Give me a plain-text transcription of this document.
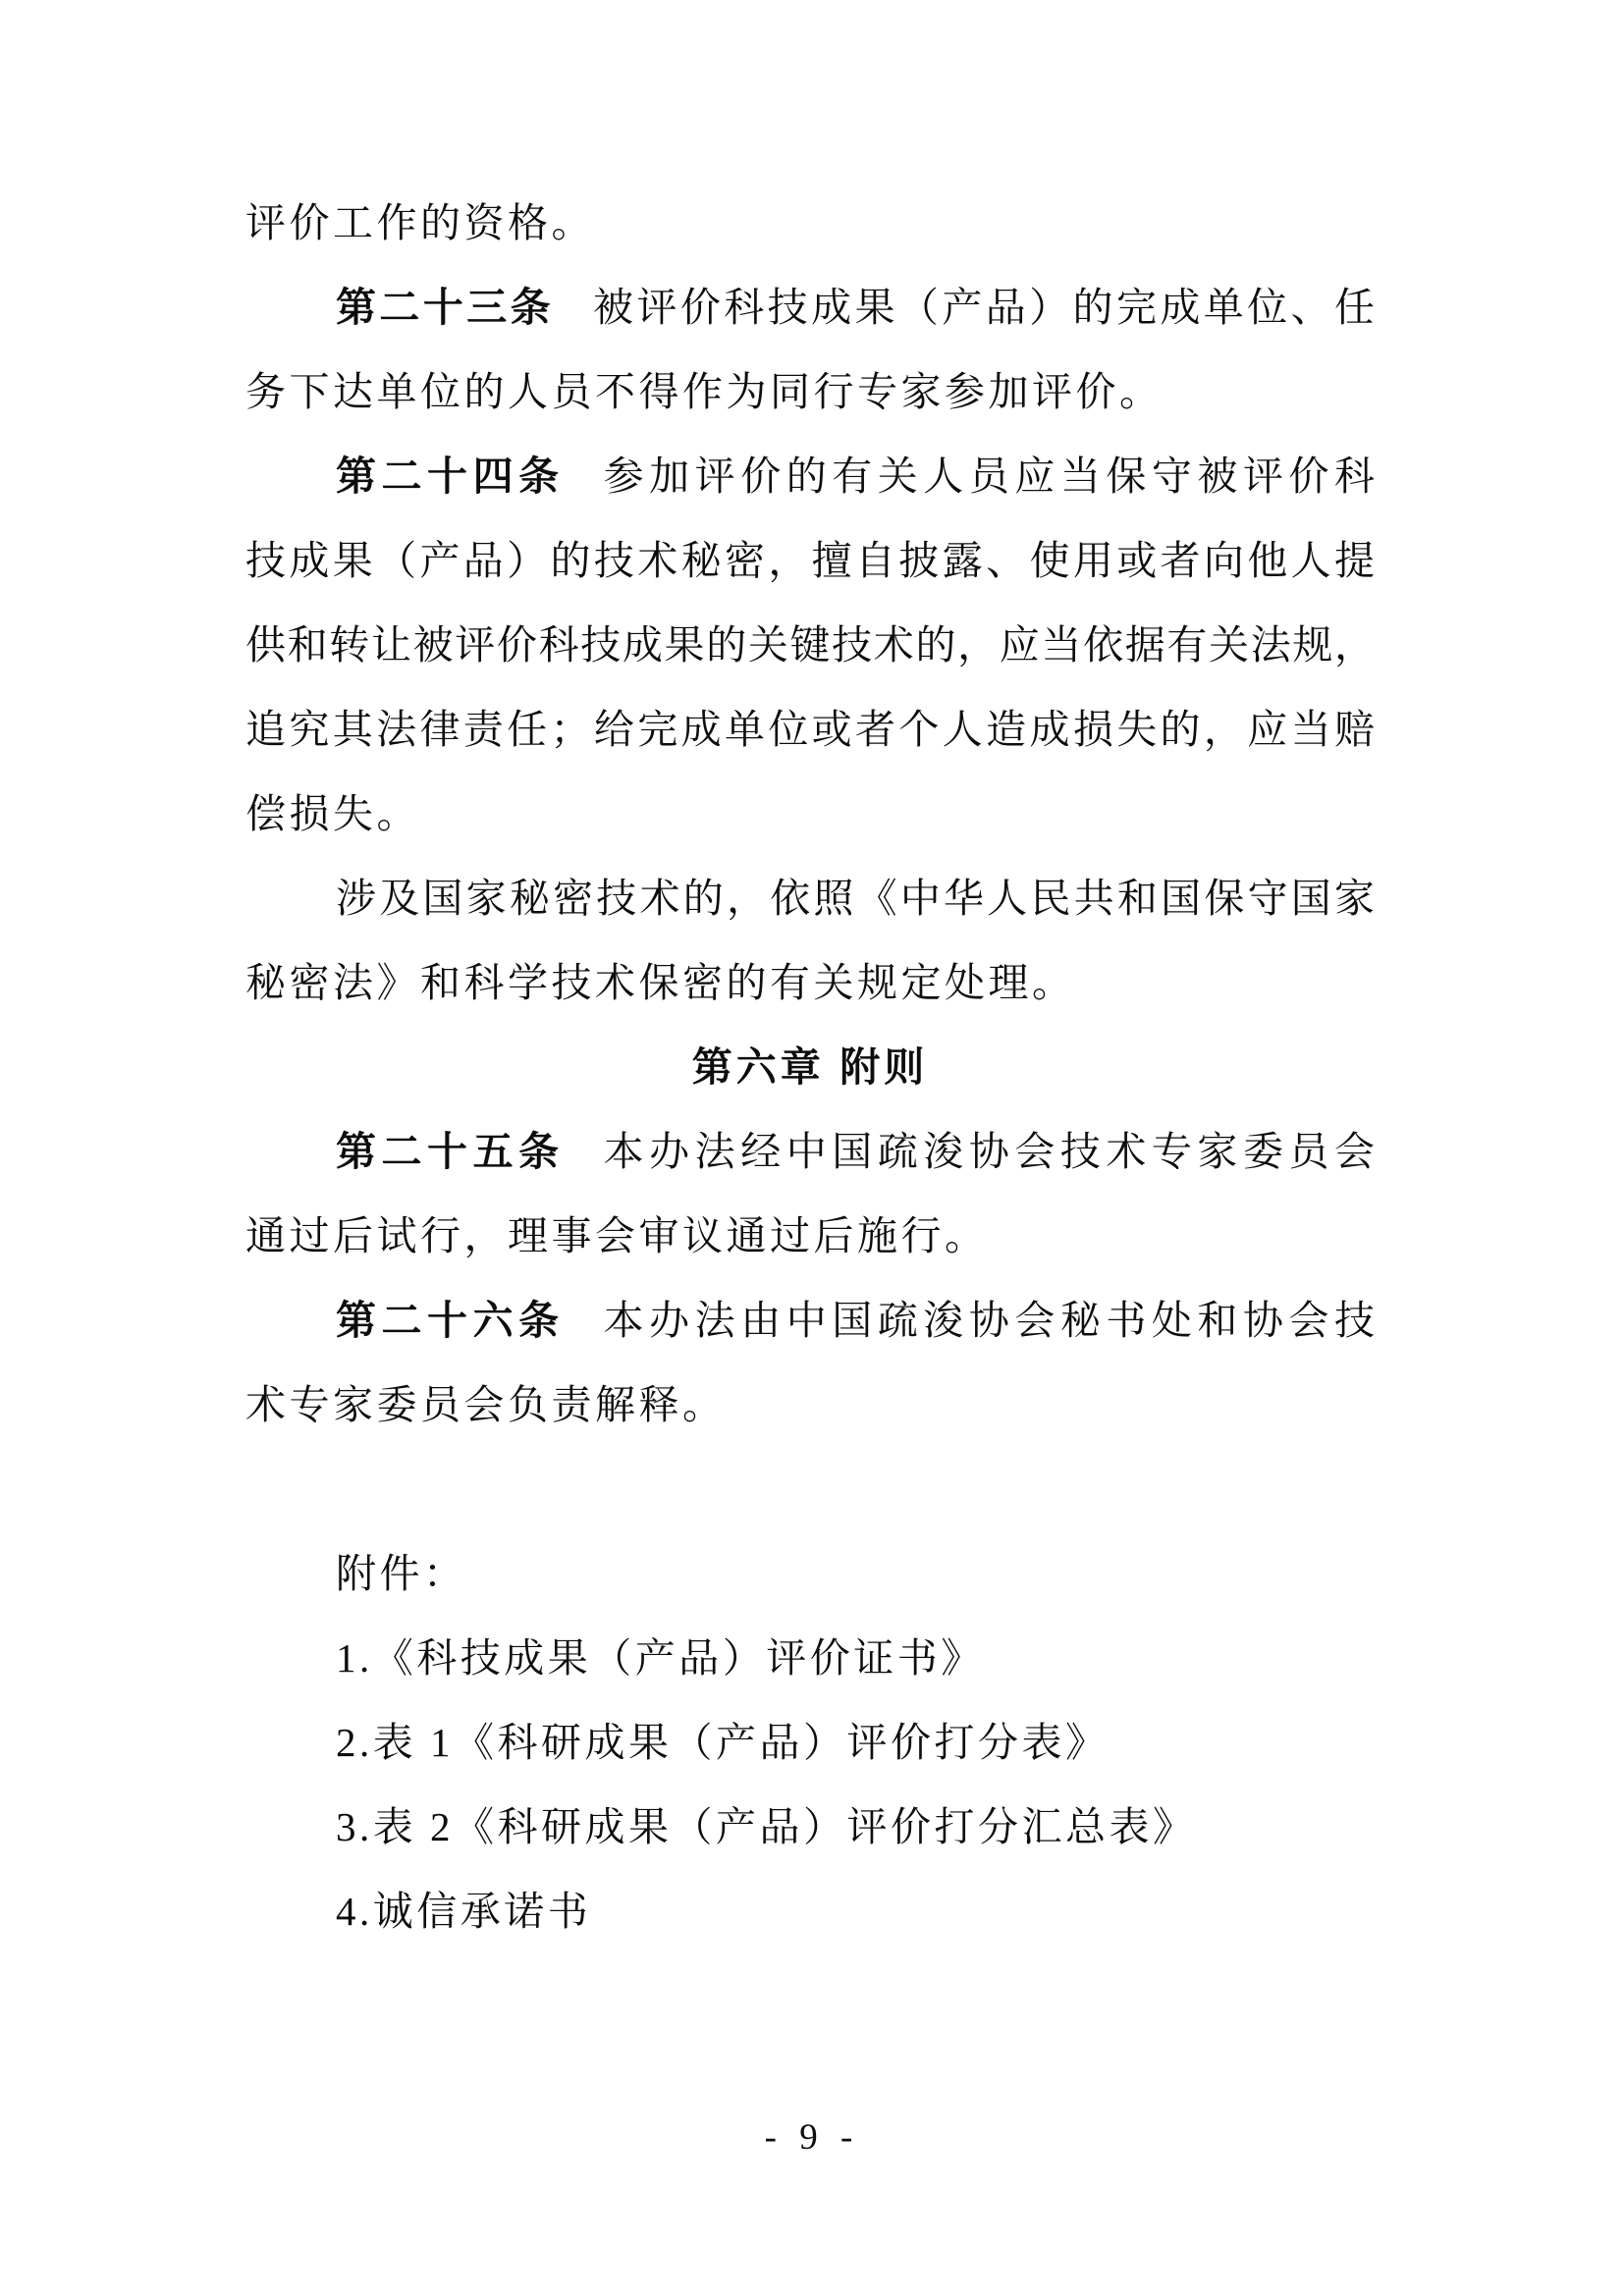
评价工作的资格。
第二十三条 被评价科技成果（产品）的完成单位、任
务下达单位的人员不得作为同行专家参加评价。
第二十四条 参加评价的有关人员应当保守被评价科
技成果（产品）的技术秘密，擅自披露、使用或者向他人提
供和转让被评价科技成果的关键技术的，应当依据有关法规，
追究其法律责任；给完成单位或者个人造成损失的，应当赔
偿损失。
涉及国家秘密技术的，依照《中华人民共和国保守国家
秘密法》和科学技术保密的有关规定处理。
第六章 附则
第二十五条 本办法经中国疏浚协会技术专家委员会
通过后试行，理事会审议通过后施行。
第二十六条 本办法由中国疏浚协会秘书处和协会技
术专家委员会负责解释。
附件：
1.《科技成果（产品）评价证书》
2.表 1《科研成果（产品）评价打分表》
3.表 2《科研成果（产品）评价打分汇总表》
4.诚信承诺书
- 9 -
